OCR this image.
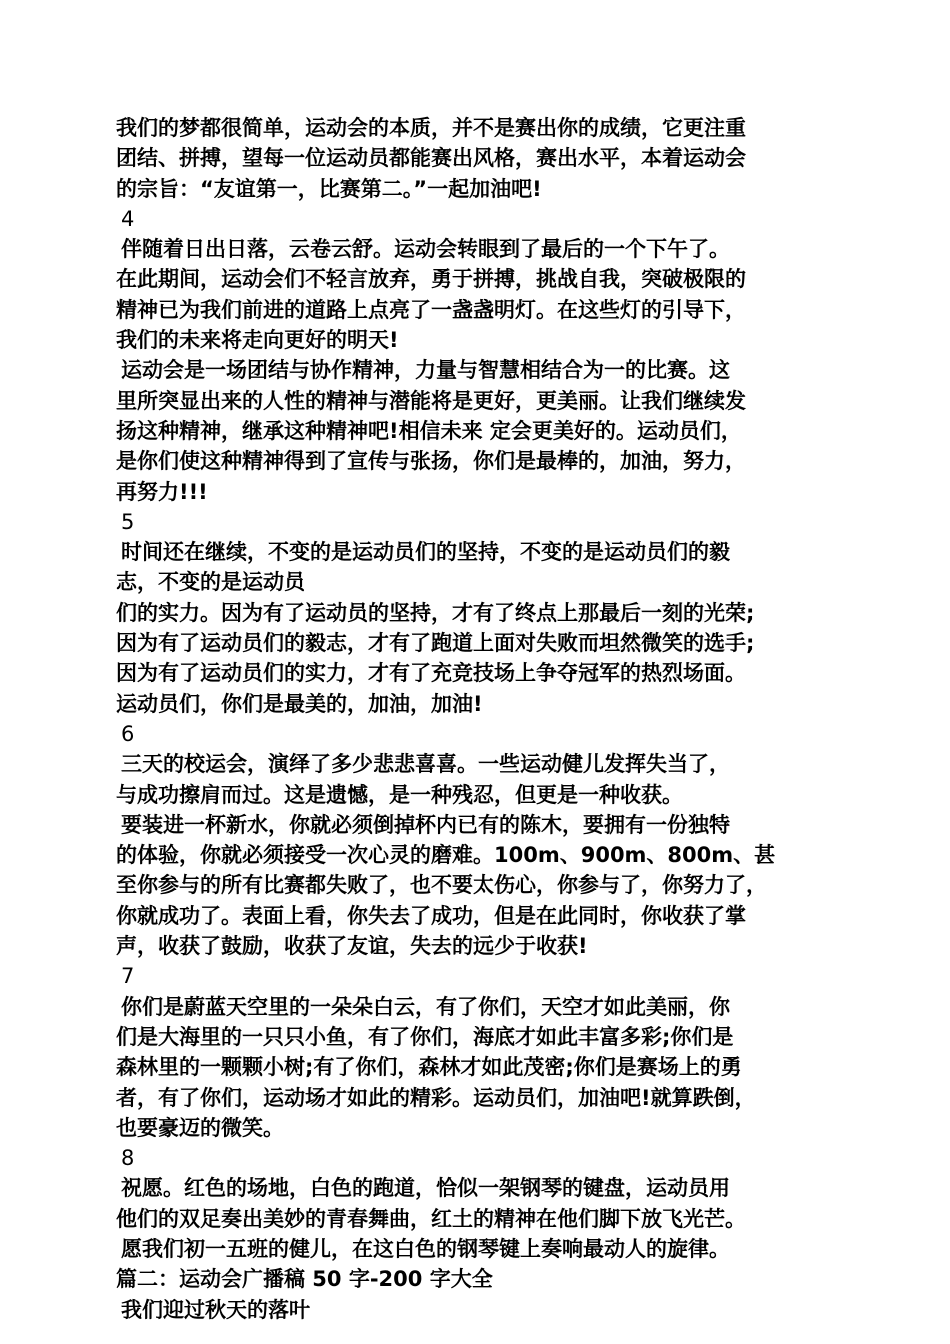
我们的梦都很简单，运动会的本质，并不是赛出你的成绩，它更注重
团结、拼搏，望每一位运动员都能赛出风格，赛出水平，本着运动会
的宗旨：“友谊第一，比赛第二。”一起加油吧!
4
伴随着日出日落，云卷云舒。运动会转眼到了最后的一个下午了。
在此期间，运动会们不轻言放弃，勇于拼搏，挑战自我，突破极限的
精神已为我们前进的道路上点亮了一盏盏明灯。在这些灯的引导下，
我们的未来将走向更好的明天!
运动会是一场团结与协作精神，力量与智慧相结合为一的比赛。这
里所突显出来的人性的精神与潜能将是更好，更美丽。让我们继续发
扬这种精神，继承这种精神吧!相信未来 定会更美好的。运动员们，
是你们使这种精神得到了宣传与张扬，你们是最棒的，加油，努力，
再努力!!!
5
时间还在继续，不变的是运动员们的坚持，不变的是运动员们的毅
志，不变的是运动员
们的实力。因为有了运动员的坚持，才有了终点上那最后一刻的光荣;
因为有了运动员们的毅志，才有了跑道上面对失败而坦然微笑的选手;
因为有了运动员们的实力，才有了充竞技场上争夺冠军的热烈场面。
运动员们，你们是最美的，加油，加油!
6
三天的校运会，演绎了多少悲悲喜喜。一些运动健儿发挥失当了，
与成功擦肩而过。这是遗憾，是一种残忍，但更是一种收获。
要装进一杯新水，你就必须倒掉杯内已有的陈木，要拥有一份独特
的体验，你就必须接受一次心灵的磨难。100m、900m、800m、甚
至你参与的所有比赛都失败了，也不要太伤心，你参与了，你努力了，
你就成功了。表面上看，你失去了成功，但是在此同时，你收获了掌
声，收获了鼓励，收获了友谊，失去的远少于收获!
7
你们是蔚蓝天空里的一朵朵白云，有了你们，天空才如此美丽，你
们是大海里的一只只小鱼，有了你们，海底才如此丰富多彩;你们是
森林里的一颗颗小树;有了你们，森林才如此茂密;你们是赛场上的勇
者，有了你们，运动场才如此的精彩。运动员们，加油吧!就算跌倒，
也要豪迈的微笑。
8
祝愿。红色的场地，白色的跑道，恰似一架钢琴的键盘，运动员用
他们的双足奏出美妙的青春舞曲，红土的精神在他们脚下放飞光芒。
愿我们初一五班的健儿，在这白色的钢琴键上奏响最动人的旋律。
篇二：运动会广播稿 50 字-200 字大全
我们迎过秋天的落叶
